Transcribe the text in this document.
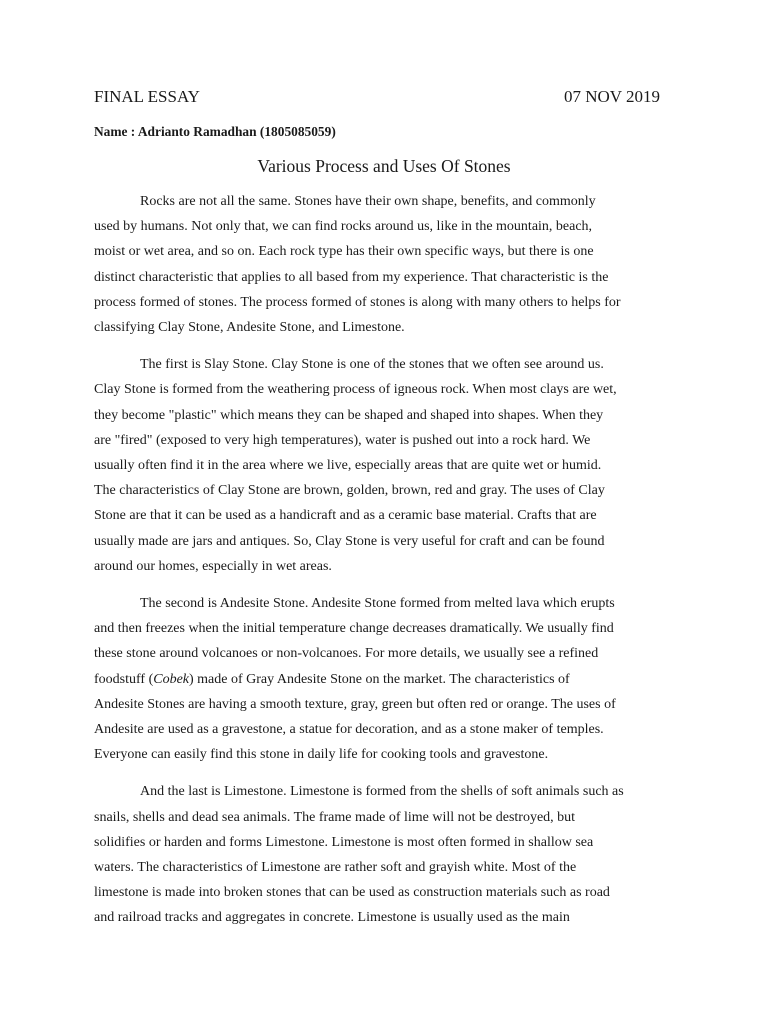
FINAL ESSAY	07 NOV 2019
Name : Adrianto Ramadhan (1805085059)
Various Process and Uses Of Stones
Rocks are not all the same. Stones have their own shape, benefits, and commonly
used by humans. Not only that, we can find rocks around us, like in the mountain, beach,
moist or wet area, and so on. Each rock type has their own specific ways, but there is one
distinct characteristic that applies to all based from my experience. That characteristic is the
process formed of stones. The process formed of stones is along with many others to helps for
classifying Clay Stone, Andesite Stone, and Limestone.
The first is Slay Stone. Clay Stone is one of the stones that we often see around us.
Clay Stone is formed from the weathering process of igneous rock. When most clays are wet,
they become "plastic" which means they can be shaped and shaped into shapes. When they
are "fired" (exposed to very high temperatures), water is pushed out into a rock hard. We
usually often find it in the area where we live, especially areas that are quite wet or humid.
The characteristics of Clay Stone are brown, golden, brown, red and gray. The uses of Clay
Stone are that it can be used as a handicraft and as a ceramic base material. Crafts that are
usually made are jars and antiques. So, Clay Stone is very useful for craft and can be found
around our homes, especially in wet areas.
The second is Andesite Stone. Andesite Stone formed from melted lava which erupts
and then freezes when the initial temperature change decreases dramatically. We usually find
these stone around volcanoes or non-volcanoes. For more details, we usually see a refined
foodstuff (Cobek) made of Gray Andesite Stone on the market. The characteristics of
Andesite Stones are having a smooth texture, gray, green but often red or orange. The uses of
Andesite are used as a gravestone, a statue for decoration, and as a stone maker of temples.
Everyone can easily find this stone in daily life for cooking tools and gravestone.
And the last is Limestone. Limestone is formed from the shells of soft animals such as
snails, shells and dead sea animals. The frame made of lime will not be destroyed, but
solidifies or harden and forms Limestone. Limestone is most often formed in shallow sea
waters. The characteristics of Limestone are rather soft and grayish white. Most of the
limestone is made into broken stones that can be used as construction materials such as road
and railroad tracks and aggregates in concrete. Limestone is usually used as the main
